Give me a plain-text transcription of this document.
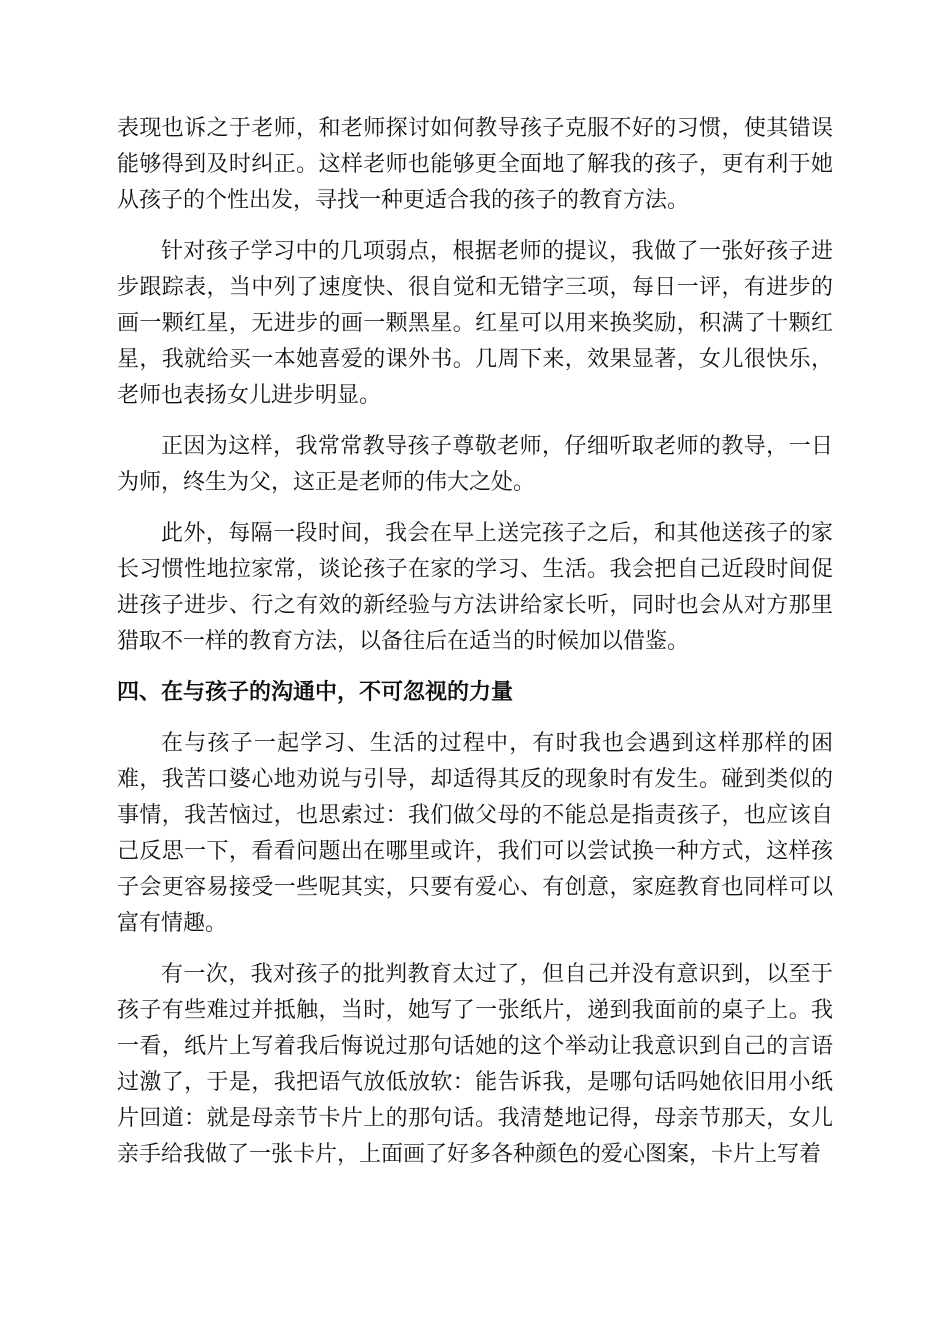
表现也诉之于老师，和老师探讨如何教导孩子克服不好的习惯，使其错误能够得到及时纠正。这样老师也能够更全面地了解我的孩子，更有利于她从孩子的个性出发，寻找一种更适合我的孩子的教育方法。

针对孩子学习中的几项弱点，根据老师的提议，我做了一张好孩子进步跟踪表，当中列了速度快、很自觉和无错字三项，每日一评，有进步的画一颗红星，无进步的画一颗黑星。红星可以用来换奖励，积满了十颗红星，我就给买一本她喜爱的课外书。几周下来，效果显著，女儿很快乐，老师也表扬女儿进步明显。

正因为这样，我常常教导孩子尊敬老师，仔细听取老师的教导，一日为师，终生为父，这正是老师的伟大之处。

此外，每隔一段时间，我会在早上送完孩子之后，和其他送孩子的家长习惯性地拉家常，谈论孩子在家的学习、生活。我会把自己近段时间促进孩子进步、行之有效的新经验与方法讲给家长听，同时也会从对方那里猎取不一样的教育方法，以备往后在适当的时候加以借鉴。

四、在与孩子的沟通中，不可忽视的力量

在与孩子一起学习、生活的过程中，有时我也会遇到这样那样的困难，我苦口婆心地劝说与引导，却适得其反的现象时有发生。碰到类似的事情，我苦恼过，也思索过：我们做父母的不能总是指责孩子，也应该自己反思一下，看看问题出在哪里或许，我们可以尝试换一种方式，这样孩子会更容易接受一些呢其实，只要有爱心、有创意，家庭教育也同样可以富有情趣。

有一次，我对孩子的批判教育太过了，但自己并没有意识到，以至于孩子有些难过并抵触，当时，她写了一张纸片，递到我面前的桌子上。我一看，纸片上写着我后悔说过那句话她的这个举动让我意识到自己的言语过激了，于是，我把语气放低放软：能告诉我，是哪句话吗她依旧用小纸片回道：就是母亲节卡片上的那句话。我清楚地记得，母亲节那天，女儿亲手给我做了一张卡片，上面画了好多各种颜色的爱心图案，卡片上写着
